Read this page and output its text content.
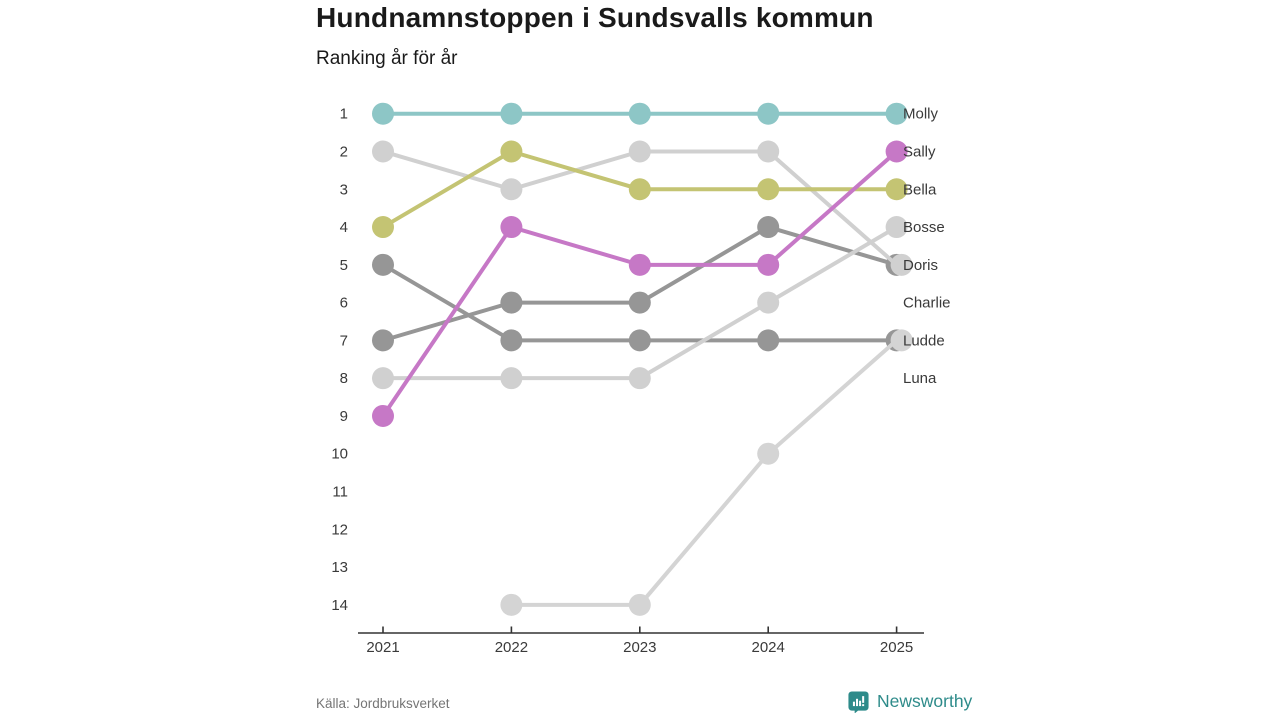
Hundnamnstoppen i Sundsvalls kommun
Ranking år för år
1
2
3
4
5
6
7
8
9
10
11
12
13
14
2021	2022	2023	2024	2025
Doris
Ludde
Bosse
Charlie
Luna
Bella
Sally
Molly
Källa: Jordbruksverket	Newsworthy
